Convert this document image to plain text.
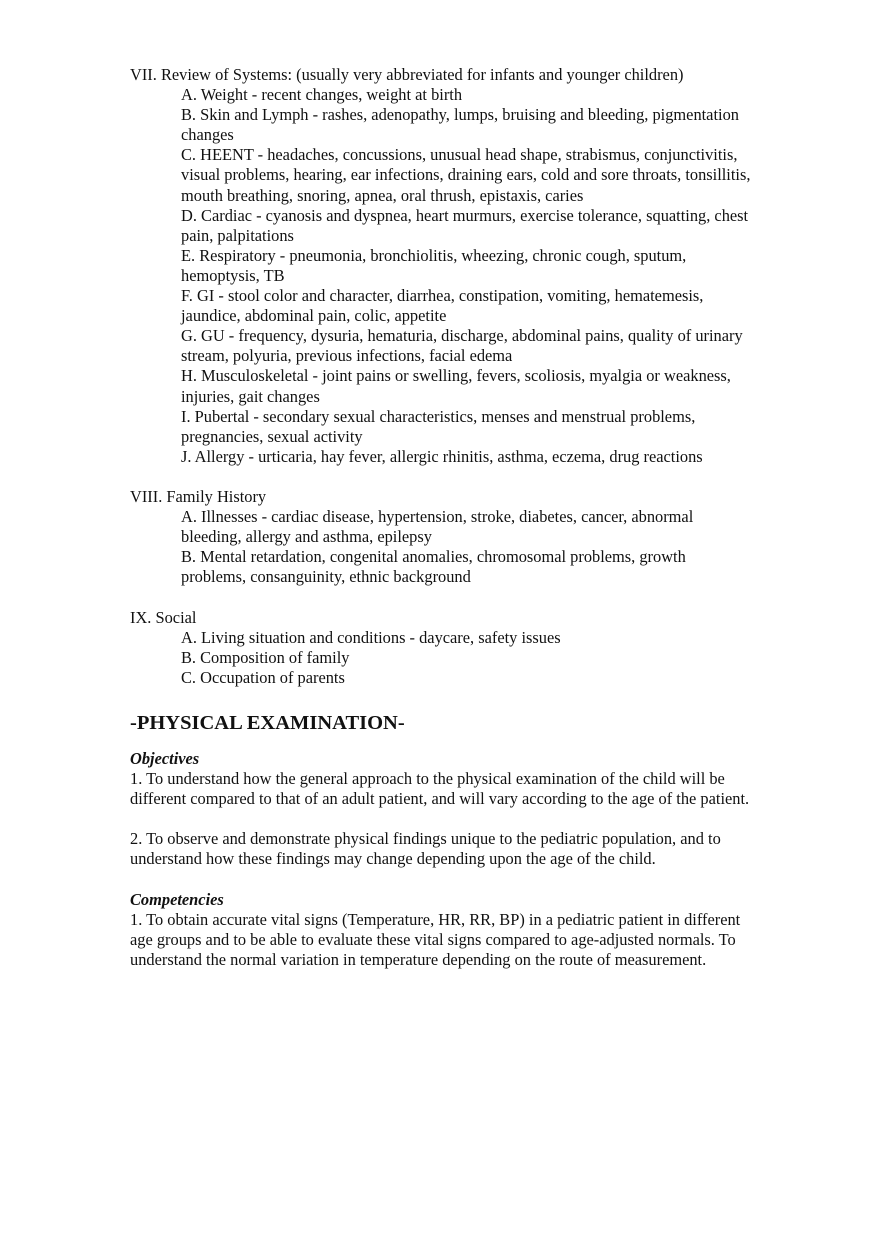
VII. Review of Systems: (usually very abbreviated for infants and younger children)

A. Weight - recent changes, weight at birth

B. Skin and Lymph - rashes, adenopathy, lumps, bruising and bleeding, pigmentation changes

C. HEENT - headaches, concussions, unusual head shape, strabismus, conjunctivitis, visual problems, hearing, ear infections, draining ears, cold and sore throats, tonsillitis, mouth breathing, snoring, apnea, oral thrush, epistaxis, caries

D. Cardiac - cyanosis and dyspnea, heart murmurs, exercise tolerance, squatting, chest pain, palpitations

E. Respiratory - pneumonia, bronchiolitis, wheezing, chronic cough, sputum, hemoptysis, TB

F. GI - stool color and character, diarrhea, constipation, vomiting, hematemesis, jaundice, abdominal pain, colic, appetite

G. GU - frequency, dysuria, hematuria, discharge, abdominal pains, quality of urinary stream, polyuria, previous infections, facial edema

H. Musculoskeletal - joint pains or swelling, fevers, scoliosis, myalgia or weakness, injuries, gait changes

I. Pubertal - secondary sexual characteristics, menses and menstrual problems, pregnancies, sexual activity

J. Allergy - urticaria, hay fever, allergic rhinitis, asthma, eczema, drug reactions

VIII. Family History

A. Illnesses - cardiac disease, hypertension, stroke, diabetes, cancer, abnormal bleeding, allergy and asthma, epilepsy

B. Mental retardation, congenital anomalies, chromosomal problems, growth problems, consanguinity, ethnic background

IX. Social

A. Living situation and conditions - daycare, safety issues

B. Composition of family

C. Occupation of parents

-PHYSICAL EXAMINATION-

Objectives

1. To understand how the general approach to the physical examination of the child will be different compared to that of an adult patient, and will vary according to the age of the patient.

2. To observe and demonstrate physical findings unique to the pediatric population, and to understand how these findings may change depending upon the age of the child.

Competencies

1. To obtain accurate vital signs (Temperature, HR, RR, BP) in a pediatric patient in different age groups and to be able to evaluate these vital signs compared to age-adjusted normals. To understand the normal variation in temperature depending on the route of measurement.
